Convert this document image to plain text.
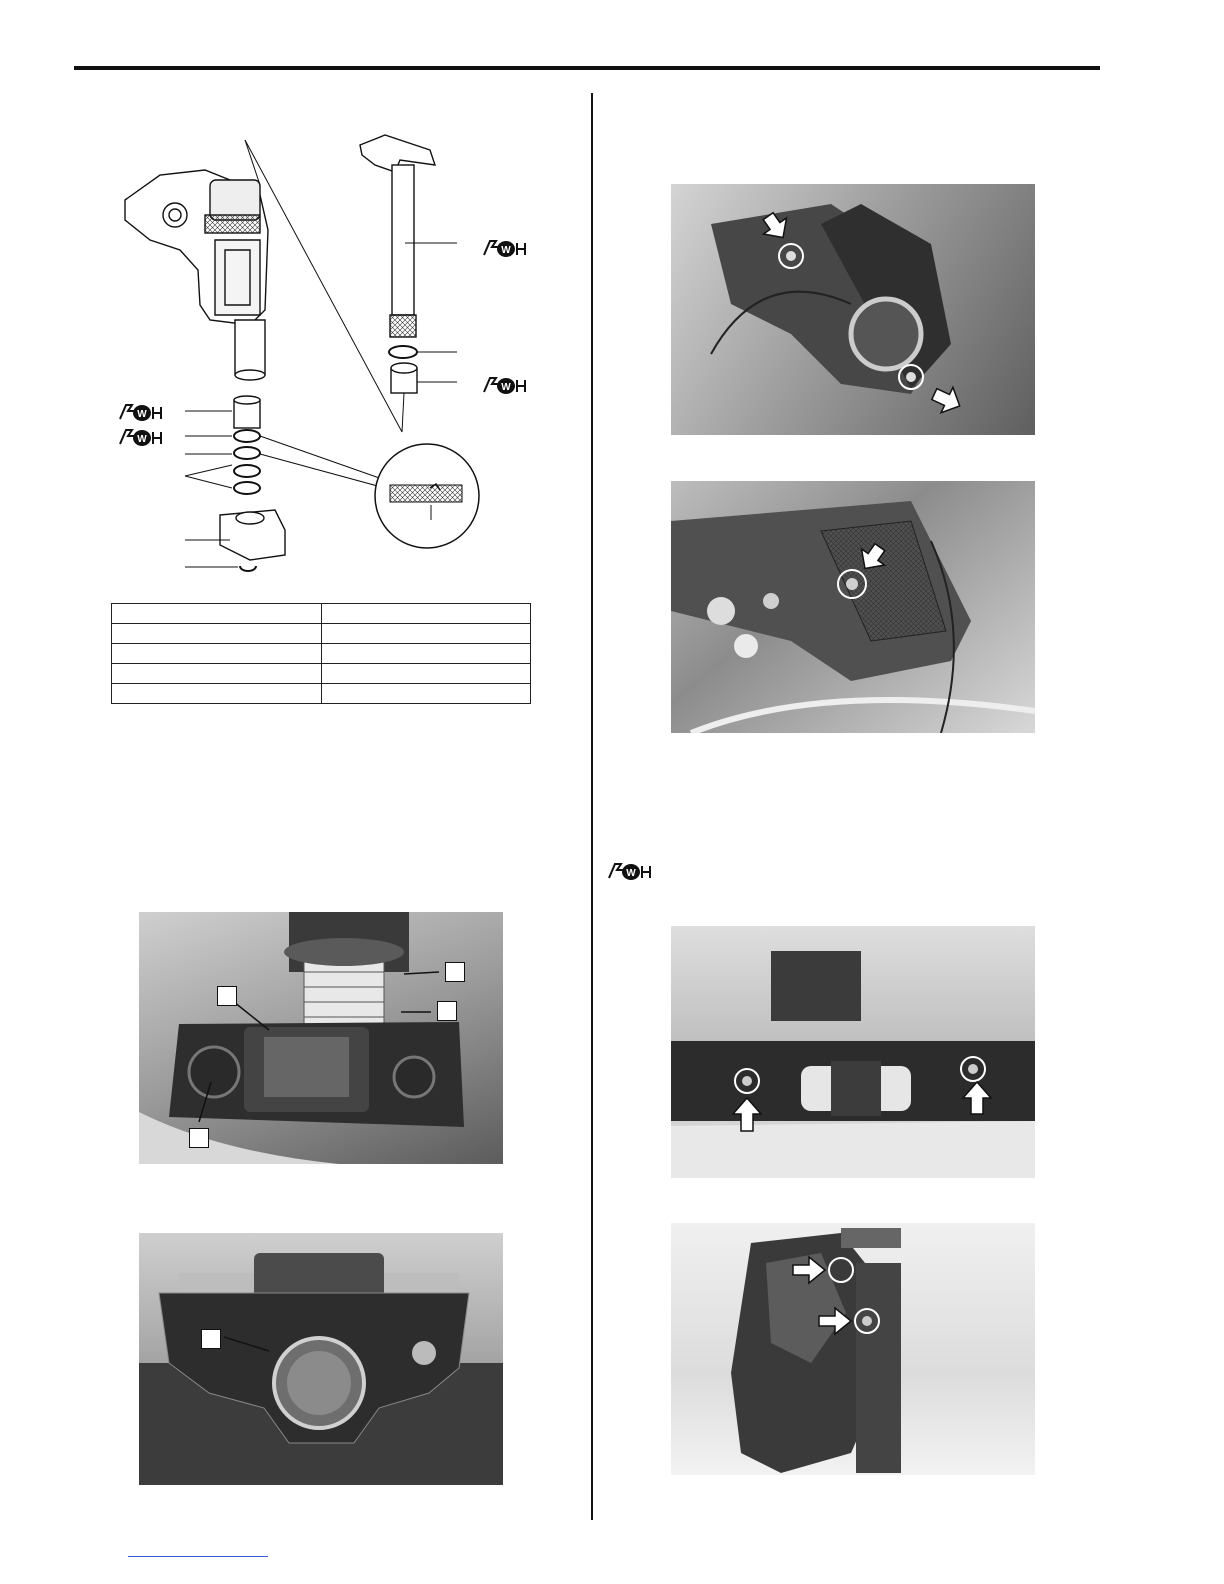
W
W
W
W
W
